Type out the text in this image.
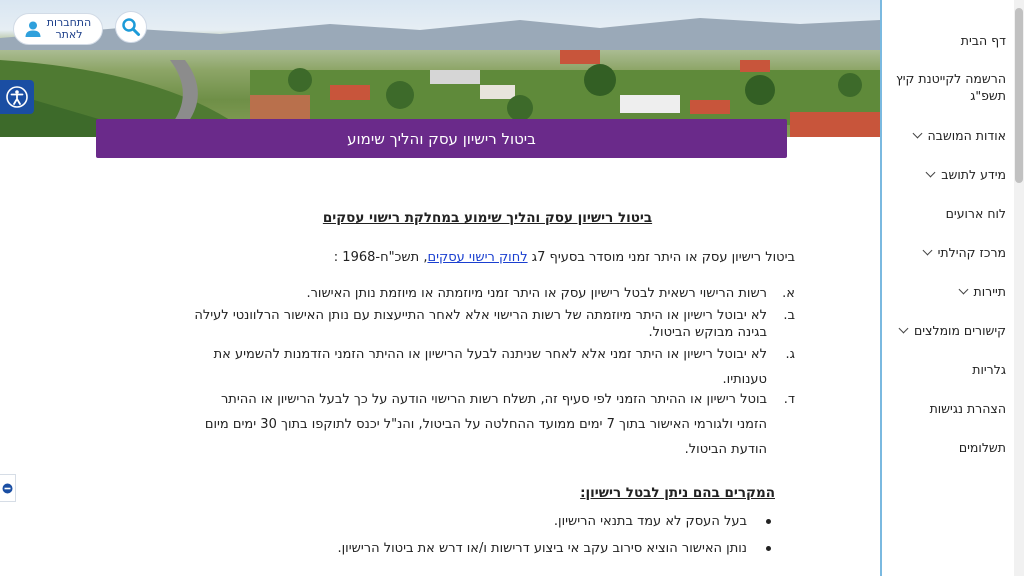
ביטול רישיון עסק והליך שימוע
התחברות לאתר	דף הבית
הרשמה לקייטנת קיץ תשפ"ג
אודות המושבה
מידע לתושב
לוח ארועים
מרכז קהילתי
תיירות
קישורים מומלצים
גלריות
הצהרת נגישות
תשלומים
ביטול רישיון עסק והליך שימוע במחלקת רישוי עסקים
ביטול רישיון עסק או היתר זמני מוסדר בסעיף 7ג לחוק רישוי עסקים, תשכ"ח-1968 :
א.
רשות הרישוי רשאית לבטל רישיון עסק או היתר זמני מיוזמתה או מיוזמת נותן האישור.
ב.
לא יבוטל רישיון או היתר מיוזמתה של רשות הרישוי אלא לאחר התייעצות עם נותן האישור הרלוונטי לעילה בגינה מבוקש הביטול.
ג.
לא יבוטל רישיון או היתר זמני אלא לאחר שניתנה לבעל הרישיון או ההיתר הזמני הזדמנות להשמיע את טענותיו.
ד.
בוטל רישיון או ההיתר הזמני לפי סעיף זה, תשלח רשות הרישוי הודעה על כך לבעל הרישיון או ההיתר הזמני ולגורמי האישור בתוך 7 ימים ממועד ההחלטה על הביטול, והנ"ל יכנס לתוקפו בתוך 30 ימים מיום הודעת הביטול.
המקרים בהם ניתן לבטל רישיון:
בעל העסק לא עמד בתנאי הרישיון.
נותן האישור הוציא סירוב עקב אי ביצוע דרישות ו/או דרש את ביטול הרישיון.
